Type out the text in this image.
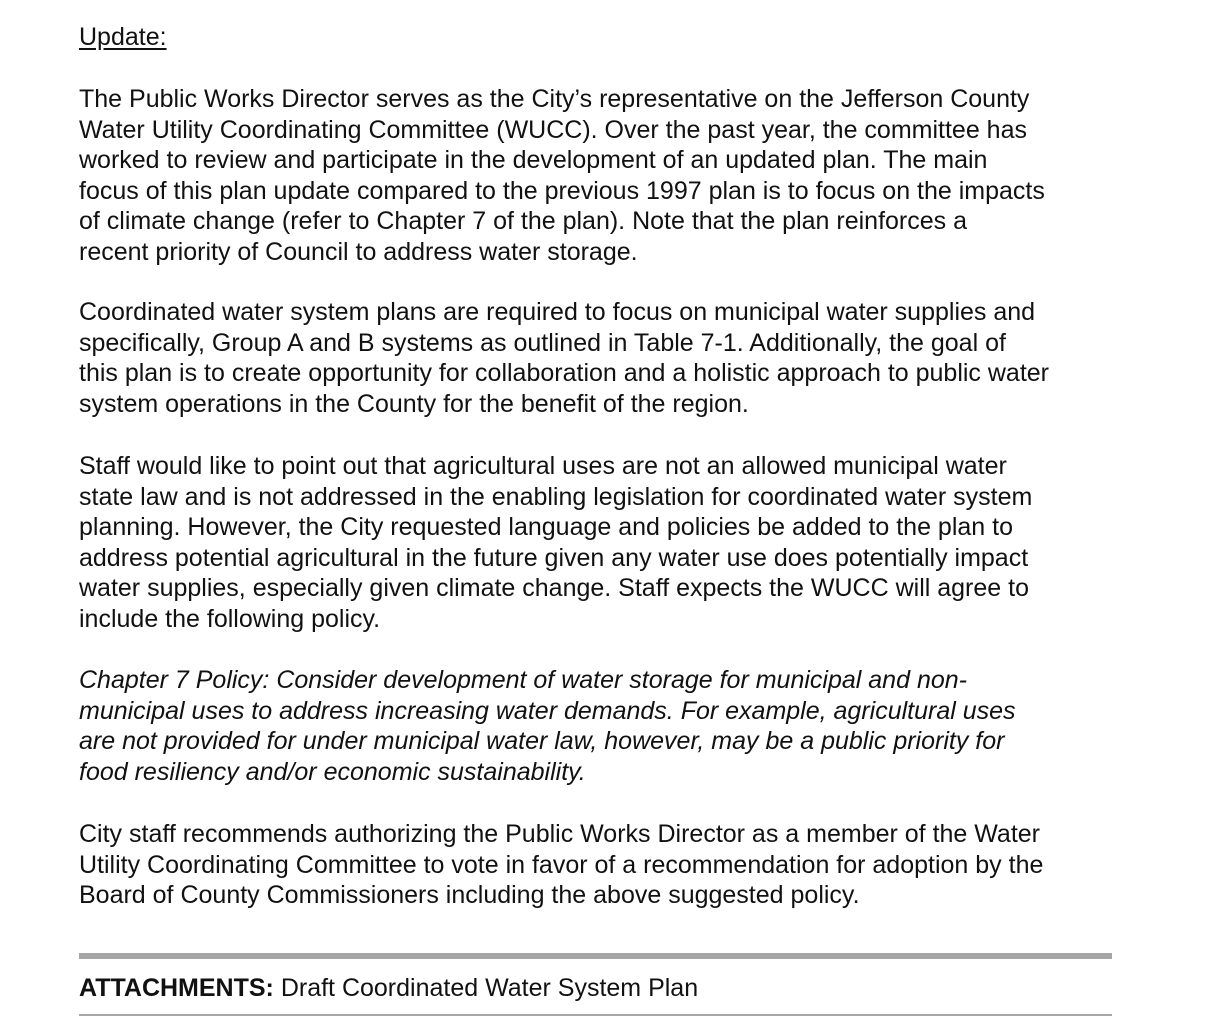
Update:

The Public Works Director serves as the City’s representative on the Jefferson County
Water Utility Coordinating Committee (WUCC). Over the past year, the committee has
worked to review and participate in the development of an updated plan. The main
focus of this plan update compared to the previous 1997 plan is to focus on the impacts
of climate change (refer to Chapter 7 of the plan). Note that the plan reinforces a
recent priority of Council to address water storage.

Coordinated water system plans are required to focus on municipal water supplies and
specifically, Group A and B systems as outlined in Table 7-1. Additionally, the goal of
this plan is to create opportunity for collaboration and a holistic approach to public water
system operations in the County for the benefit of the region.

Staff would like to point out that agricultural uses are not an allowed municipal water
state law and is not addressed in the enabling legislation for coordinated water system
planning. However, the City requested language and policies be added to the plan to
address potential agricultural in the future given any water use does potentially impact
water supplies, especially given climate change. Staff expects the WUCC will agree to
include the following policy.

Chapter 7 Policy: Consider development of water storage for municipal and non-
municipal uses to address increasing water demands. For example, agricultural uses
are not provided for under municipal water law, however, may be a public priority for
food resiliency and/or economic sustainability.

City staff recommends authorizing the Public Works Director as a member of the Water
Utility Coordinating Committee to vote in favor of a recommendation for adoption by the
Board of County Commissioners including the above suggested policy.

ATTACHMENTS: Draft Coordinated Water System Plan
